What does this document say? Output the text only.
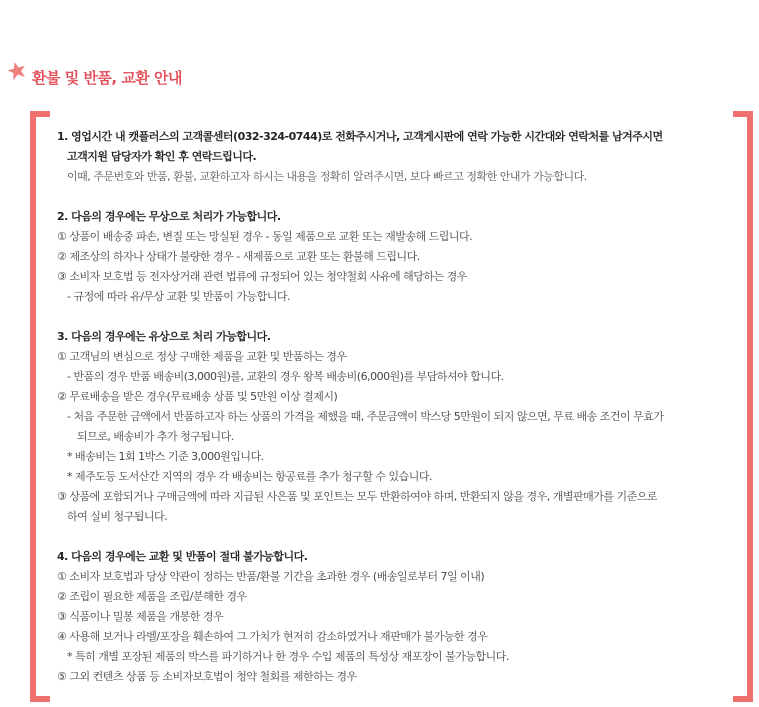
환불 및 반품, 교환 안내
1. 영업시간 내 캣플러스의 고객콜센터(032-324-0744)로 전화주시거나, 고객게시판에 연락 가능한 시간대와 연락처를 남겨주시면
고객지원 담당자가 확인 후 연락드립니다.
이때, 주문번호와 반품, 환불, 교환하고자 하시는 내용을 정확히 알려주시면, 보다 빠르고 정확한 안내가 가능합니다.
2. 다음의 경우에는 무상으로 처리가 가능합니다.
① 상품이 배송중 파손, 변질 또는 망실된 경우 - 동일 제품으로 교환 또는 재발송해 드립니다.
② 제조상의 하자나 상태가 불량한 경우 - 새제품으로 교환 또는 환불해 드립니다.
③ 소비자 보호법 등 전자상거래 관련 법류에 규정되어 있는 청약철회 사유에 해당하는 경우
- 규정에 따라 유/무상 교환 및 반품이 가능합니다.
3. 다음의 경우에는 유상으로 처리 가능합니다.
① 고객님의 변심으로 정상 구매한 제품을 교환 및 반품하는 경우
- 반품의 경우 반품 배송비(3,000원)를, 교환의 경우 왕복 배송비(6,000원)를 부담하셔야 합니다.
② 무료배송을 받은 경우(무료배송 상품 및 5만원 이상 결제시)
- 처음 주문한 금액에서 반품하고자 하는 상품의 가격을 제했을 때, 주문금액이 박스당 5만원이 되지 않으면, 무료 배송 조건이 무효가
되므로, 배송비가 추가 청구됩니다.
* 배송비는 1회 1박스 기준 3,000원입니다.
* 제주도등 도서산간 지역의 경우 각 배송비는 항공료를 추가 청구할 수 있습니다.
③ 상품에 포함되거나 구매금액에 따라 지급된 사은품 및 포인트는 모두 반환하여야 하며, 반환되지 않을 경우, 개별판매가를 기준으로
하여 실비 청구됩니다.
4. 다음의 경우에는 교환 및 반품이 절대 불가능합니다.
① 소비자 보호법과 당상 약관이 정하는 반품/환불 기간을 초과한 경우 (배송일로부터 7일 이내)
② 조립이 필요한 제품을 조립/분해한 경우
③ 식품이나 밀봉 제품을 개봉한 경우
④ 사용해 보거나 라벨/포장을 훼손하여 그 가치가 현저히 감소하였거나 재판매가 불가능한 경우
* 특히 개별 포장된 제품의 박스를 파기하거나 한 경우 수입 제품의 특성상 재포장이 불가능합니다.
⑤ 그외 컨텐츠 상품 등 소비자보호법이 청약 철회를 제한하는 경우
